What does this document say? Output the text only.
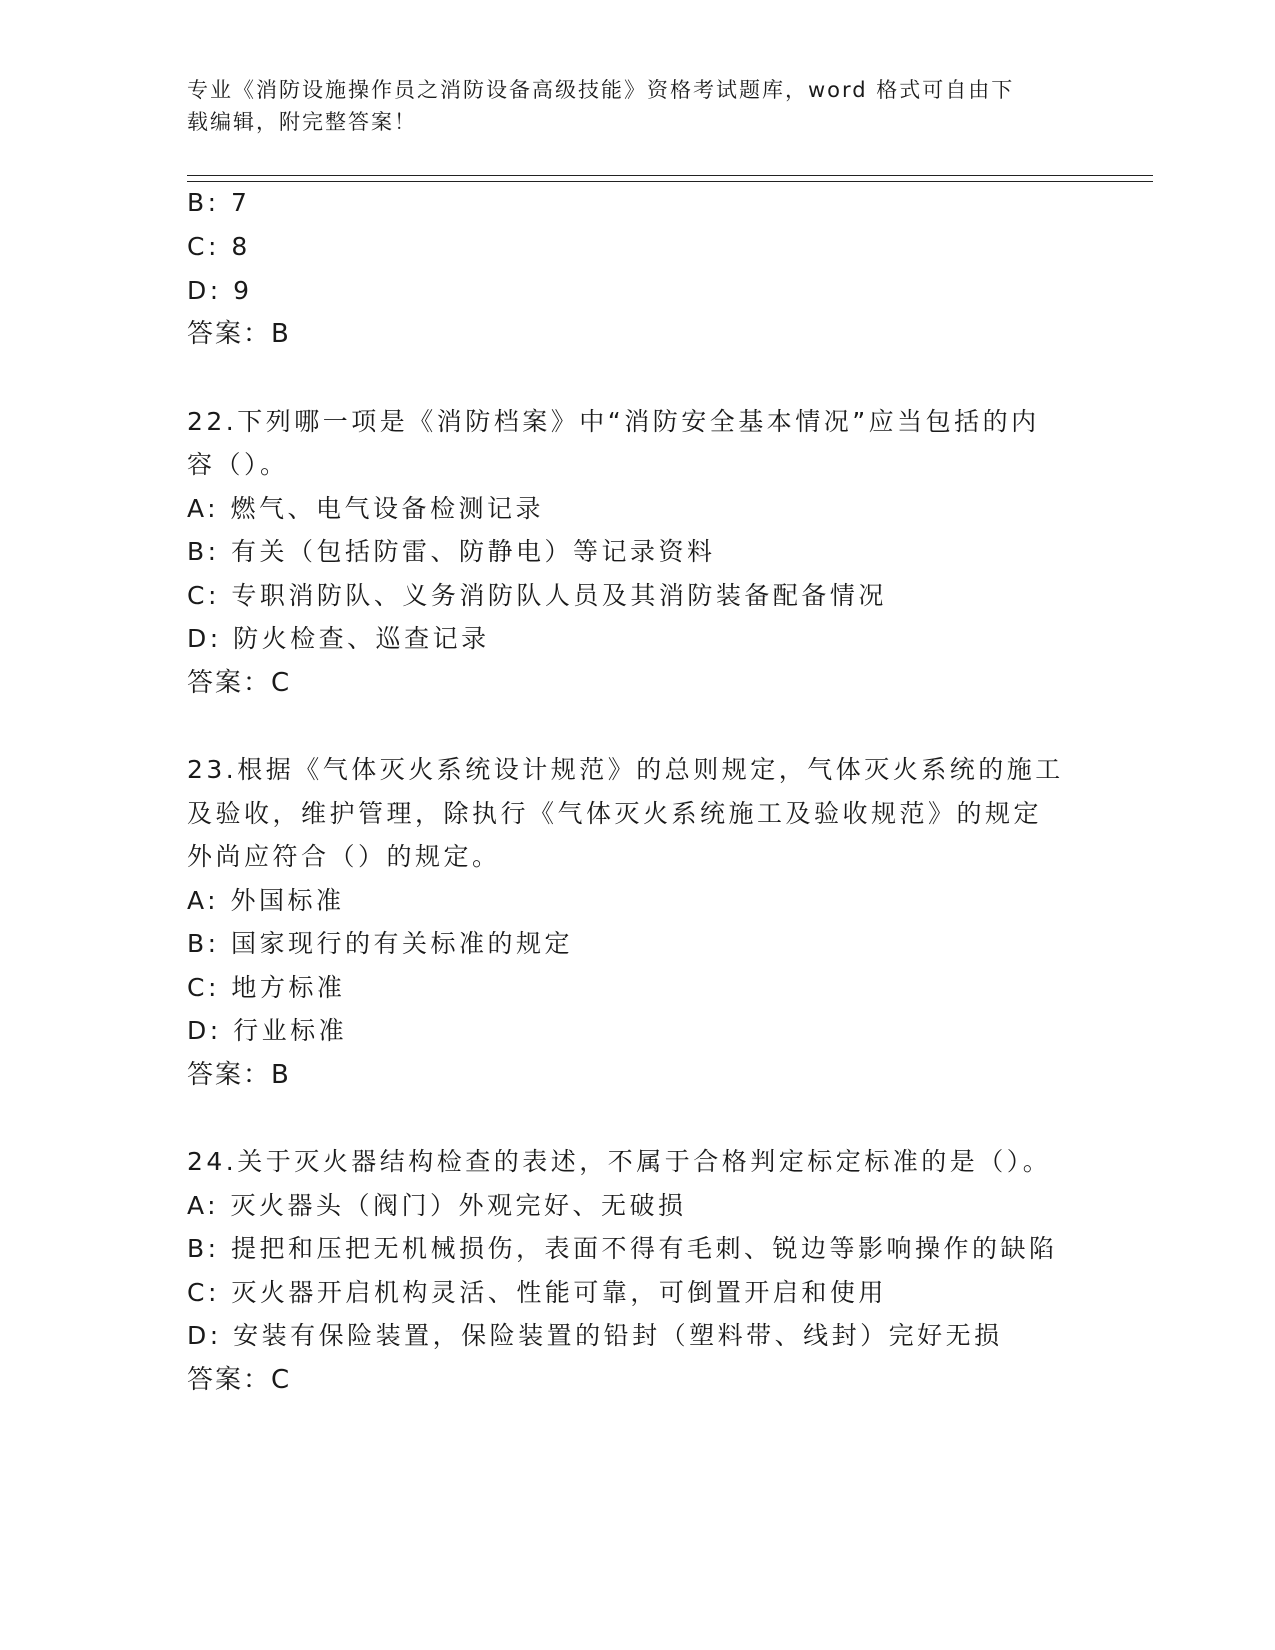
专业《消防设施操作员之消防设备高级技能》资格考试题库，word 格式可自由下
载编辑，附完整答案！
B: 7
C: 8
D: 9
答案：B
22.下列哪一项是《消防档案》中“消防安全基本情况”应当包括的内
容（）。
A: 燃气、电气设备检测记录
B: 有关（包括防雷、防静电）等记录资料
C: 专职消防队、义务消防队人员及其消防装备配备情况
D: 防火检查、巡查记录
答案：C
23.根据《气体灭火系统设计规范》的总则规定，气体灭火系统的施工
及验收，维护管理，除执行《气体灭火系统施工及验收规范》的规定
外尚应符合（）的规定。
A: 外国标准
B: 国家现行的有关标准的规定
C: 地方标准
D: 行业标准
答案：B
24.关于灭火器结构检查的表述，不属于合格判定标定标准的是（）。
A: 灭火器头（阀门）外观完好、无破损
B: 提把和压把无机械损伤，表面不得有毛刺、锐边等影响操作的缺陷
C: 灭火器开启机构灵活、性能可靠，可倒置开启和使用
D: 安装有保险装置，保险装置的铅封（塑料带、线封）完好无损
答案：C
